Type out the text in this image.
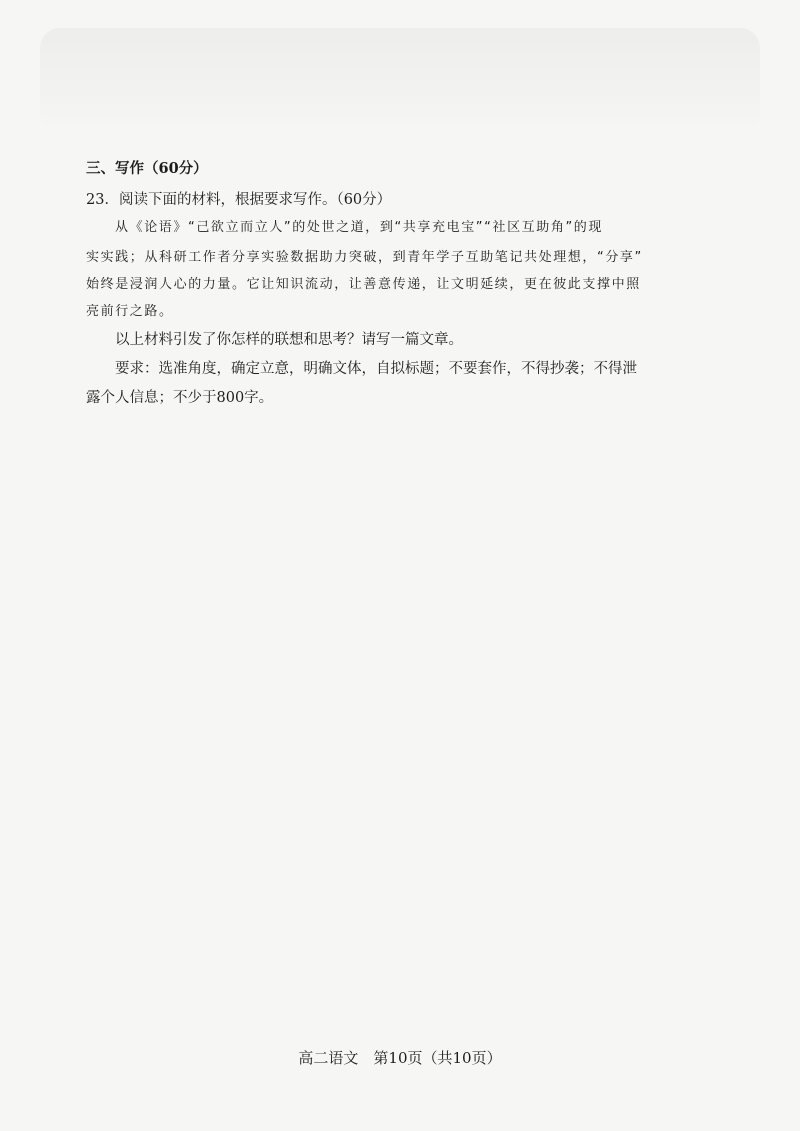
三、写作（60分）
23．阅读下面的材料，根据要求写作。（60分）
从《论语》“己欲立而立人”的处世之道，到“共享充电宝”“社区互助角”的现
实实践；从科研工作者分享实验数据助力突破，到青年学子互助笔记共处理想，“分享”
始终是浸润人心的力量。它让知识流动，让善意传递，让文明延续，更在彼此支撑中照
亮前行之路。
以上材料引发了你怎样的联想和思考？请写一篇文章。
要求：选准角度，确定立意，明确文体，自拟标题；不要套作，不得抄袭；不得泄
露个人信息；不少于800字。
高二语文　第10页（共10页）
